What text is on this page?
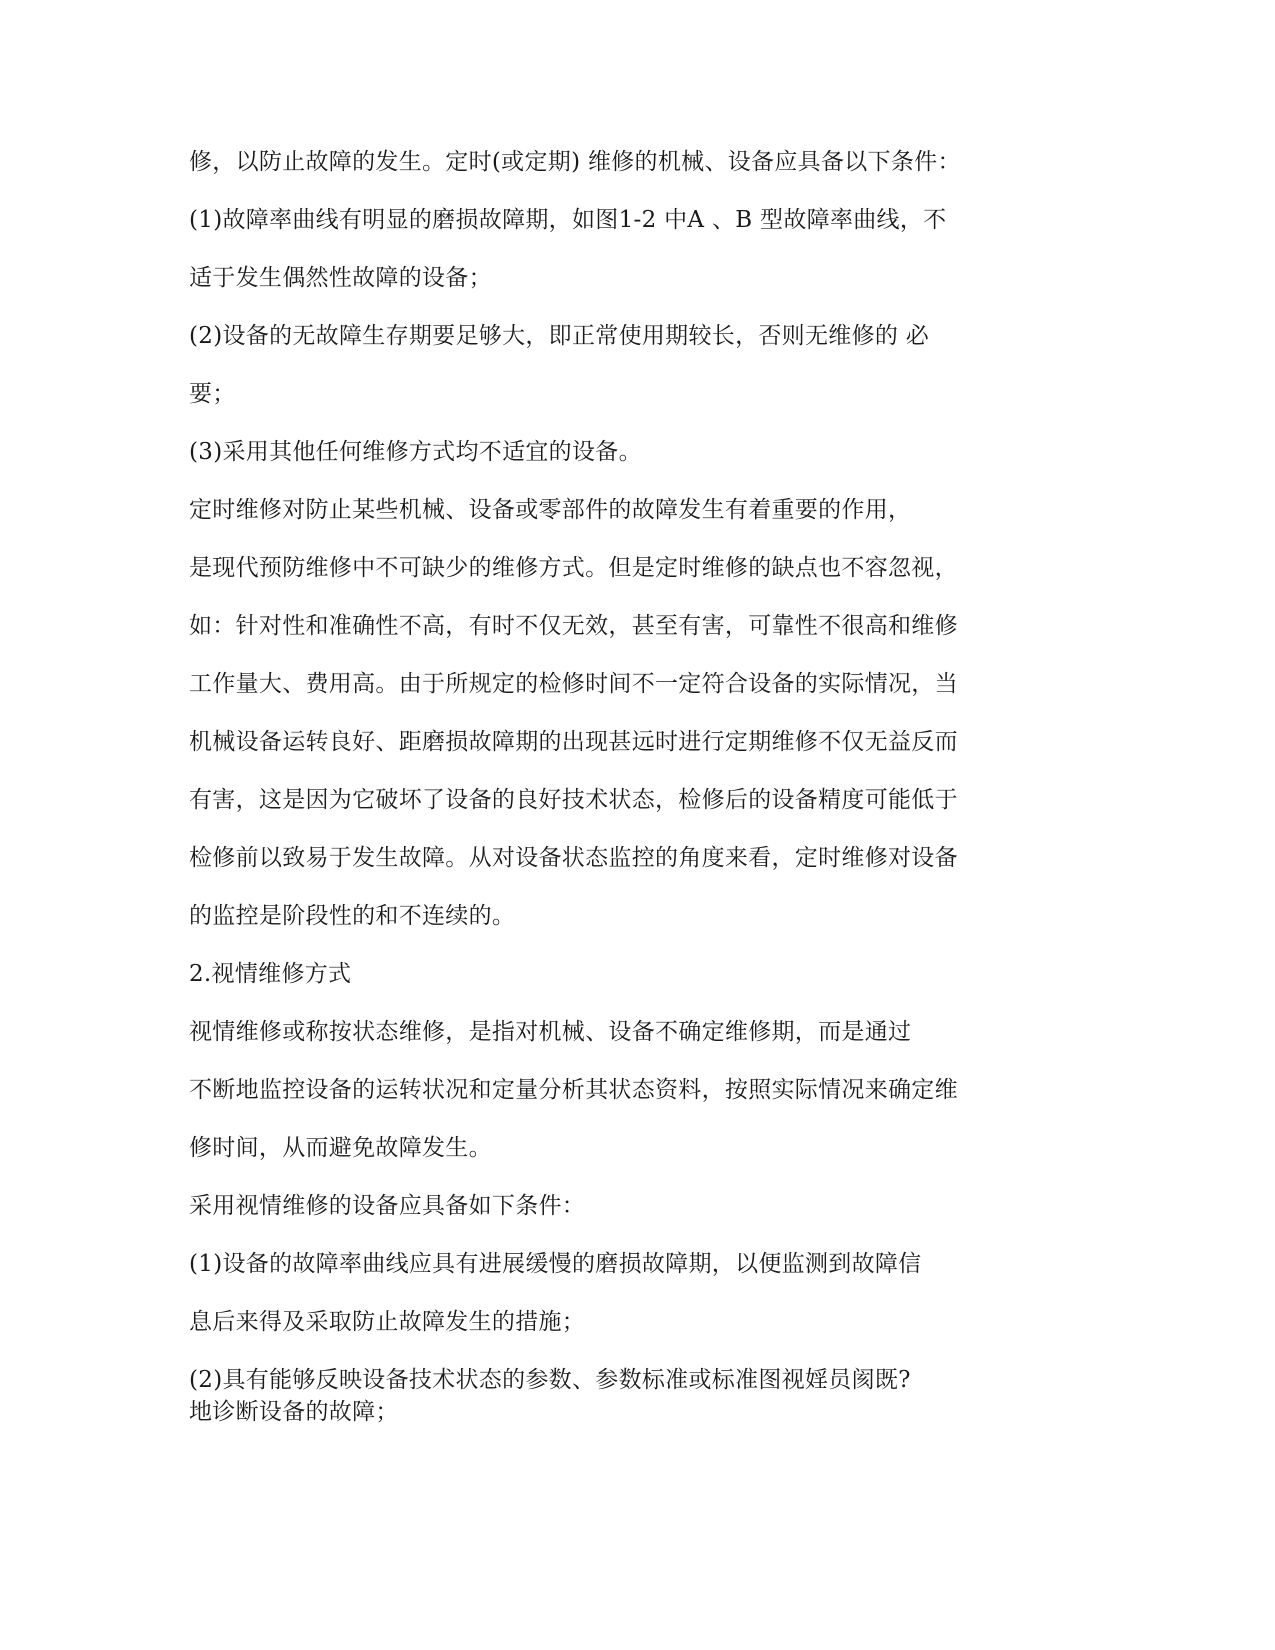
修，以防止故障的发生。定时(或定期) 维修的机械、设备应具备以下条件：
(1)故障率曲线有明显的磨损故障期，如图1-2 中A 、B 型故障率曲线，不
适于发生偶然性故障的设备；
(2)设备的无故障生存期要足够大，即正常使用期较长，否则无维修的 必
要；
(3)采用其他任何维修方式均不适宜的设备。
定时维修对防止某些机械、设备或零部件的故障发生有着重要的作用，
是现代预防维修中不可缺少的维修方式。但是定时维修的缺点也不容忽视，
如：针对性和准确性不高，有时不仅无效，甚至有害，可靠性不很高和维修
工作量大、费用高。由于所规定的检修时间不一定符合设备的实际情况，当
机械设备运转良好、距磨损故障期的出现甚远时进行定期维修不仅无益反而
有害，这是因为它破坏了设备的良好技术状态，检修后的设备精度可能低于
检修前以致易于发生故障。从对设备状态监控的角度来看，定时维修对设备
的监控是阶段性的和不连续的。
2.视情维修方式
视情维修或称按状态维修，是指对机械、设备不确定维修期，而是通过
不断地监控设备的运转状况和定量分析其状态资料，按照实际情况来确定维
修时间，从而避免故障发生。
采用视情维修的设备应具备如下条件：
(1)设备的故障率曲线应具有进展缓慢的磨损故障期，以便监测到故障信
息后来得及采取防止故障发生的措施；
(2)具有能够反映设备技术状态的参数、参数标准或标准图视婬员阂既?
地诊断设备的故障；
